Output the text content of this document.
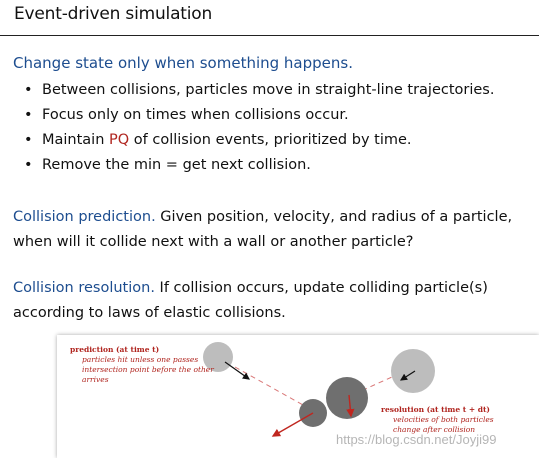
Event-driven simulation
Change state only when something happens.
• Between collisions, particles move in straight-line trajectories.
• Focus only on times when collisions occur.
• Maintain PQ of collision events, prioritized by time.
• Remove the min = get next collision.
Collision prediction. Given position, velocity, and radius of a particle, when will it collide next with a wall or another particle?
Collision resolution. If collision occurs, update colliding particle(s) according to laws of elastic collisions.
prediction (at time t)
particles hit unless one passes
intersection point before the other
arrives
resolution (at time t + dt)
velocities of both particles
change after collision
https://blog.csdn.net/Joyji99
